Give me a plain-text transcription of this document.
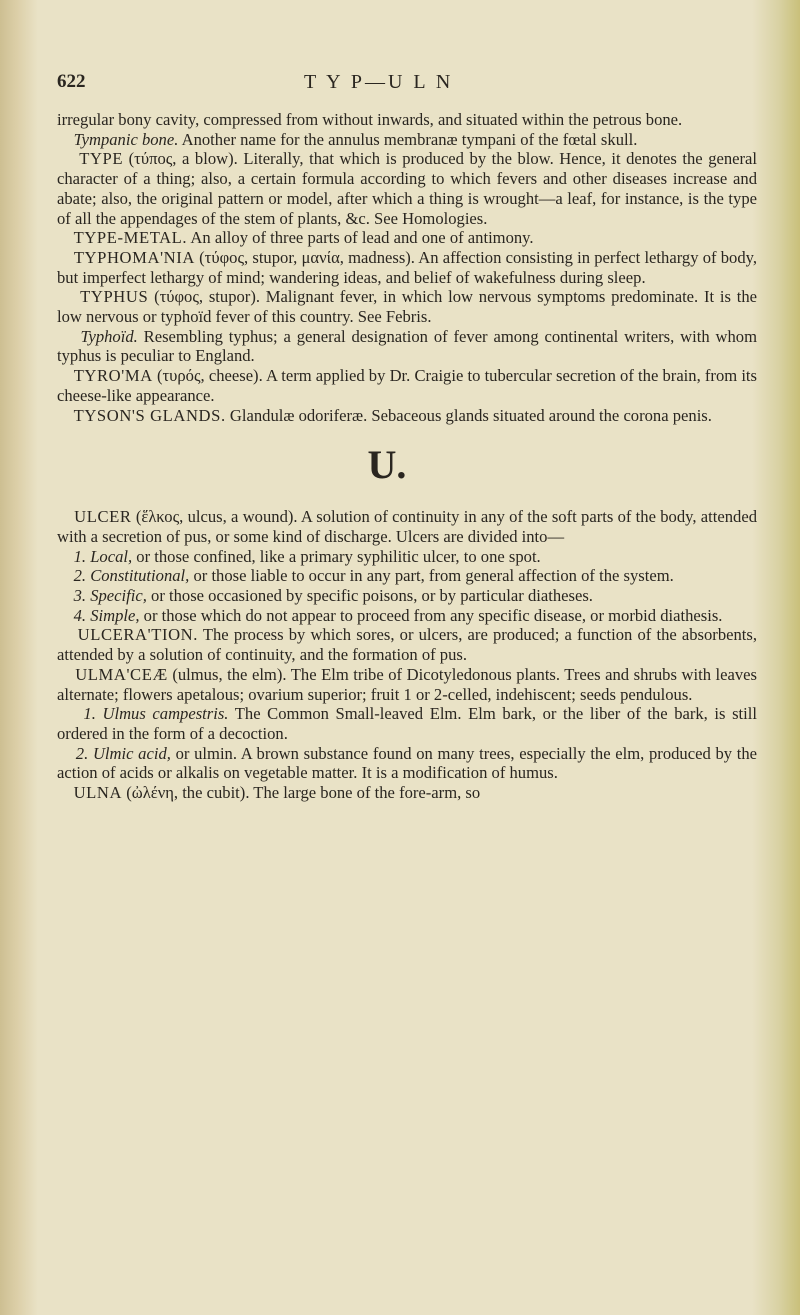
622	T Y P—U L N

irregular bony cavity, compressed from without inwards, and situated within the petrous bone.

Tympanic bone. Another name for the annulus membranæ tympani of the fœtal skull.

TYPE (τύπος, a blow). Literally, that which is produced by the blow. Hence, it denotes the general character of a thing; also, a certain formula according to which fevers and other diseases increase and abate; also, the original pattern or model, after which a thing is wrought—a leaf, for instance, is the type of all the appendages of the stem of plants, &c. See Homologies.

TYPE-METAL. An alloy of three parts of lead and one of antimony.

TYPHOMA'NIA (τύφος, stupor, μανία, madness). An affection consisting in perfect lethargy of body, but imperfect lethargy of mind; wandering ideas, and belief of wakefulness during sleep.

TYPHUS (τύφος, stupor). Malignant fever, in which low nervous symptoms predominate. It is the low nervous or typhoïd fever of this country. See Febris.

Typhoïd. Resembling typhus; a general designation of fever among continental writers, with whom typhus is peculiar to England.

TYRO'MA (τυρός, cheese). A term applied by Dr. Craigie to tubercular secretion of the brain, from its cheese-like appearance.

TYSON'S GLANDS. Glandulæ odoriferæ. Sebaceous glands situated around the corona penis.

U.

ULCER (ἕλκος, ulcus, a wound). A solution of continuity in any of the soft parts of the body, attended with a secretion of pus, or some kind of discharge. Ulcers are divided into—

1. Local, or those confined, like a primary syphilitic ulcer, to one spot.

2. Constitutional, or those liable to occur in any part, from general affection of the system.

3. Specific, or those occasioned by specific poisons, or by particular diatheses.

4. Simple, or those which do not appear to proceed from any specific disease, or morbid diathesis.

ULCERA'TION. The process by which sores, or ulcers, are produced; a function of the absorbents, attended by a solution of continuity, and the formation of pus.

ULMA'CEÆ (ulmus, the elm). The Elm tribe of Dicotyledonous plants. Trees and shrubs with leaves alternate; flowers apetalous; ovarium superior; fruit 1 or 2-celled, indehiscent; seeds pendulous.

1. Ulmus campestris. The Common Small-leaved Elm. Elm bark, or the liber of the bark, is still ordered in the form of a decoction.

2. Ulmic acid, or ulmin. A brown substance found on many trees, especially the elm, produced by the action of acids or alkalis on vegetable matter. It is a modification of humus.

ULNA (ὠλένη, the cubit). The large bone of the fore-arm, so
